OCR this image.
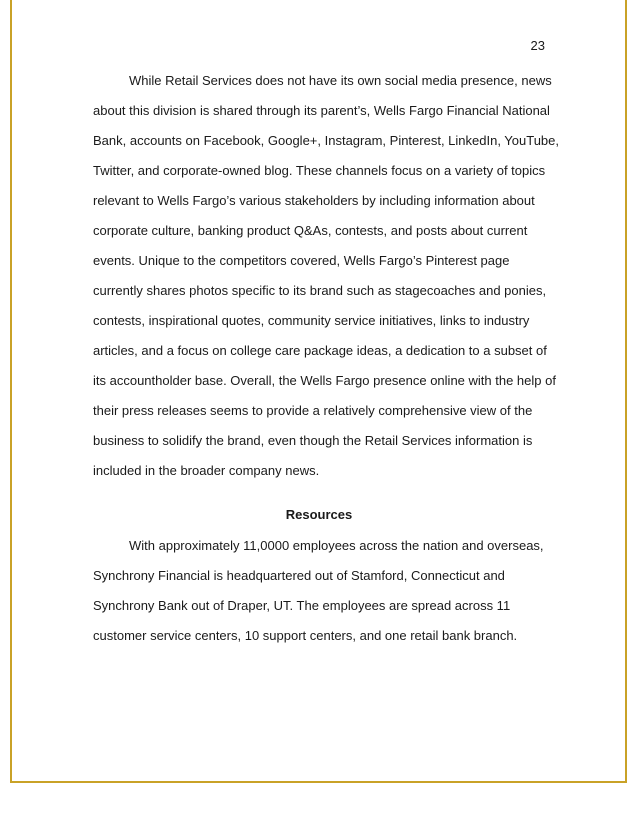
23
While Retail Services does not have its own social media presence, news
about this division is shared through its parent’s, Wells Fargo Financial National
Bank, accounts on Facebook, Google+, Instagram, Pinterest, LinkedIn, YouTube,
Twitter, and corporate-owned blog. These channels focus on a variety of topics
relevant to Wells Fargo’s various stakeholders by including information about
corporate culture, banking product Q&As, contests, and posts about current
events. Unique to the competitors covered, Wells Fargo’s Pinterest page
currently shares photos specific to its brand such as stagecoaches and ponies,
contests, inspirational quotes, community service initiatives, links to industry
articles, and a focus on college care package ideas, a dedication to a subset of
its accountholder base. Overall, the Wells Fargo presence online with the help of
their press releases seems to provide a relatively comprehensive view of the
business to solidify the brand, even though the Retail Services information is
included in the broader company news.
Resources
With approximately 11,0000 employees across the nation and overseas,
Synchrony Financial is headquartered out of Stamford, Connecticut and
Synchrony Bank out of Draper, UT. The employees are spread across 11
customer service centers, 10 support centers, and one retail bank branch.
